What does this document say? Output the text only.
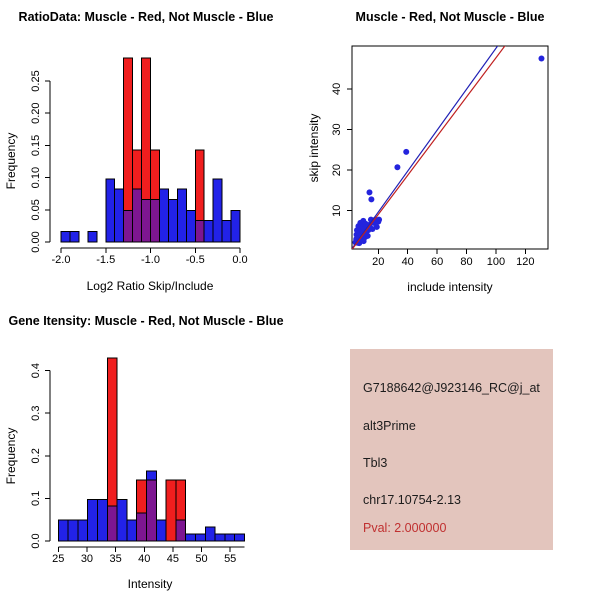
RatioData: Muscle - Red, Not Muscle - Blue
0.00
0.05
0.10
0.15
0.20
0.25
-2.0 -1.5 -1.0 -0.5	0.0
Log2 Ratio Skip/Include
Frequency
Muscle - Red, Not Muscle - Blue
20 40 60 80 100 120
10
20
30
40
include intensity
skip intensity
Gene Itensity: Muscle - Red, Not Muscle - Blue
0.0
0.1
0.2
0.3
0.4
25 30 35 40 45 50 55
Intensity
Frequency
G7188642@J923146_RC@j_at
alt3Prime
Tbl3
chr17.10754-2.13
Pval: 2.000000
